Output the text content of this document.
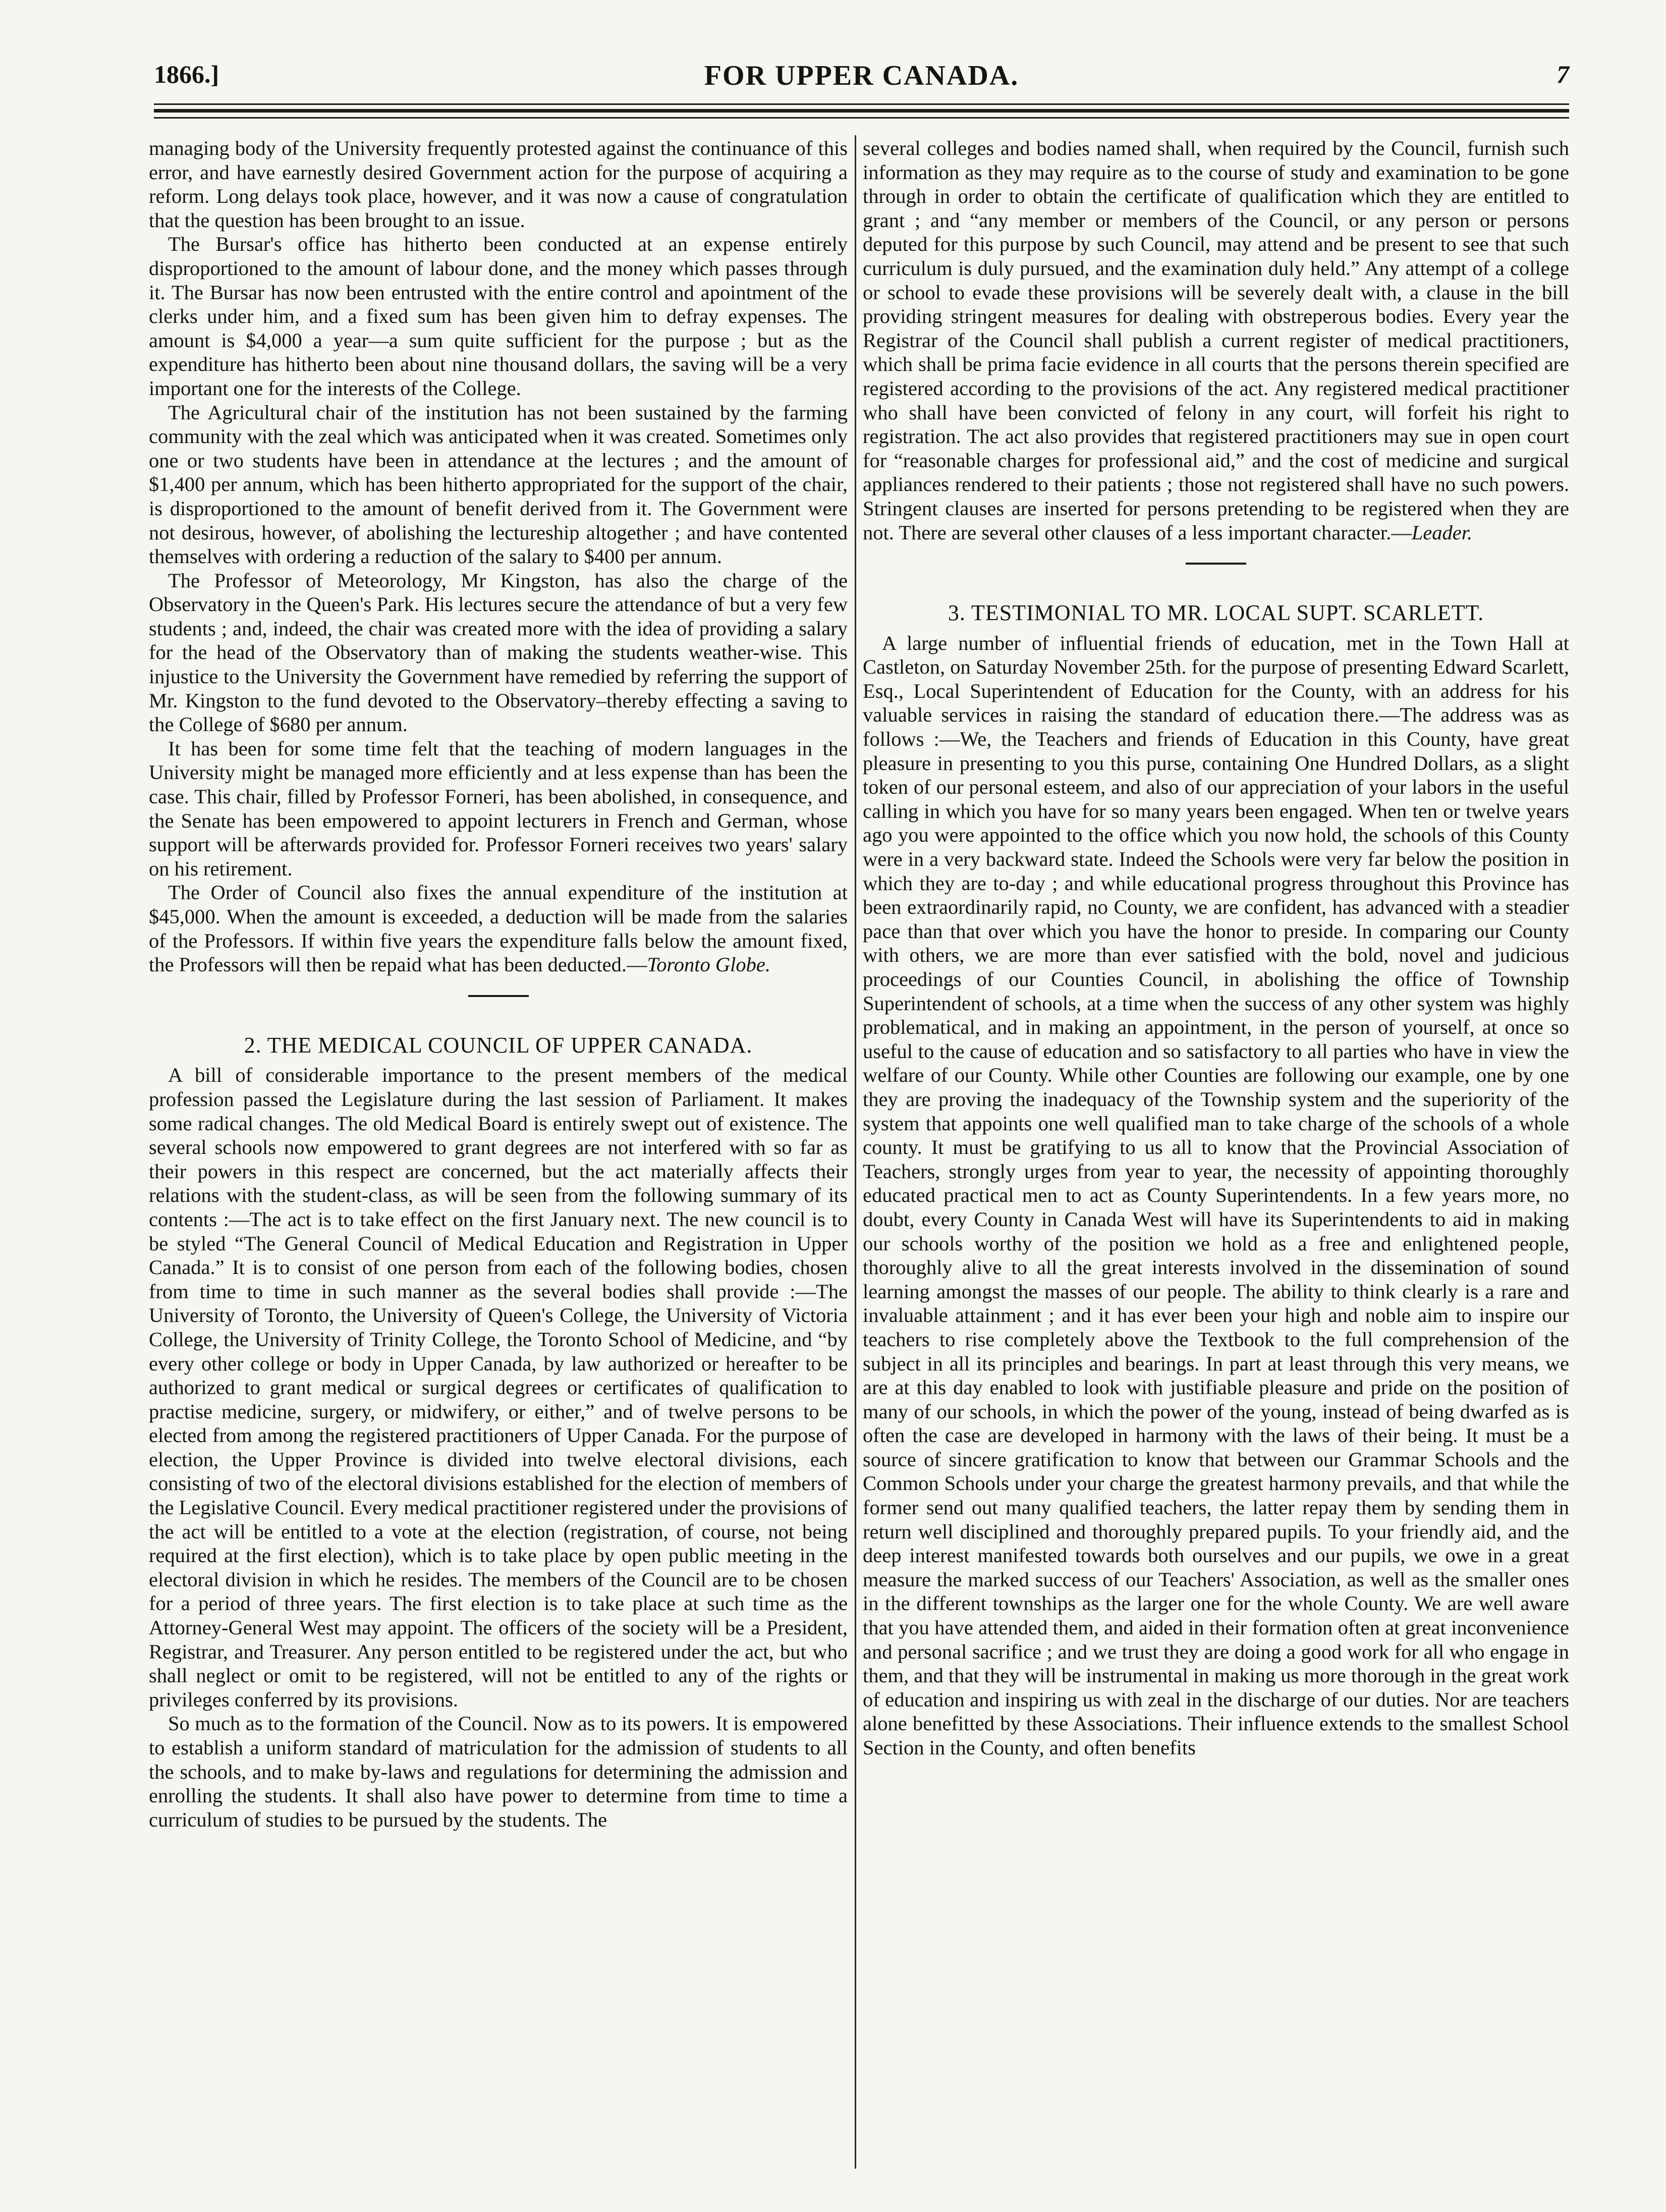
1866.]	FOR UPPER CANADA.	7

managing body of the University frequently protested against the continuance of this error, and have earnestly desired Government action for the purpose of acquiring a reform. Long delays took place, however, and it was now a cause of congratulation that the question has been brought to an issue.

The Bursar's office has hitherto been conducted at an expense entirely disproportioned to the amount of labour done, and the money which passes through it. The Bursar has now been entrusted with the entire control and apointment of the clerks under him, and a fixed sum has been given him to defray expenses. The amount is $4,000 a year—a sum quite sufficient for the purpose ; but as the expenditure has hitherto been about nine thousand dollars, the saving will be a very important one for the interests of the College.

The Agricultural chair of the institution has not been sustained by the farming community with the zeal which was anticipated when it was created. Sometimes only one or two students have been in attendance at the lectures ; and the amount of $1,400 per annum, which has been hitherto appropriated for the support of the chair, is disproportioned to the amount of benefit derived from it. The Government were not desirous, however, of abolishing the lectureship altogether ; and have contented themselves with ordering a reduction of the salary to $400 per annum.

The Professor of Meteorology, Mr Kingston, has also the charge of the Observatory in the Queen's Park. His lectures secure the attendance of but a very few students ; and, indeed, the chair was created more with the idea of providing a salary for the head of the Observatory than of making the students weather-wise. This injustice to the University the Government have remedied by referring the support of Mr. Kingston to the fund devoted to the Observatory–thereby effecting a saving to the College of $680 per annum.

It has been for some time felt that the teaching of modern languages in the University might be managed more efficiently and at less expense than has been the case. This chair, filled by Professor Forneri, has been abolished, in consequence, and the Senate has been empowered to appoint lecturers in French and German, whose support will be afterwards provided for. Professor Forneri receives two years' salary on his retirement.

The Order of Council also fixes the annual expenditure of the institution at $45,000. When the amount is exceeded, a deduction will be made from the salaries of the Professors. If within five years the expenditure falls below the amount fixed, the Professors will then be repaid what has been deducted.—Toronto Globe.

2. THE MEDICAL COUNCIL OF UPPER CANADA.

A bill of considerable importance to the present members of the medical profession passed the Legislature during the last session of Parliament. It makes some radical changes. The old Medical Board is entirely swept out of existence. The several schools now empowered to grant degrees are not interfered with so far as their powers in this respect are concerned, but the act materially affects their relations with the student-class, as will be seen from the following summary of its contents :—The act is to take effect on the first January next. The new council is to be styled “The General Council of Medical Education and Registration in Upper Canada.” It is to consist of one person from each of the following bodies, chosen from time to time in such manner as the several bodies shall provide :—The University of Toronto, the University of Queen's College, the University of Victoria College, the University of Trinity College, the Toronto School of Medicine, and “by every other college or body in Upper Canada, by law authorized or hereafter to be authorized to grant medical or surgical degrees or certificates of qualification to practise medicine, surgery, or midwifery, or either,” and of twelve persons to be elected from among the registered practitioners of Upper Canada. For the purpose of election, the Upper Province is divided into twelve electoral divisions, each consisting of two of the electoral divisions established for the election of members of the Legislative Council. Every medical practitioner registered under the provisions of the act will be entitled to a vote at the election (registration, of course, not being required at the first election), which is to take place by open public meeting in the electoral division in which he resides. The members of the Council are to be chosen for a period of three years. The first election is to take place at such time as the Attorney-General West may appoint. The officers of the society will be a President, Registrar, and Treasurer. Any person entitled to be registered under the act, but who shall neglect or omit to be registered, will not be entitled to any of the rights or privileges conferred by its provisions.

So much as to the formation of the Council. Now as to its powers. It is empowered to establish a uniform standard of matriculation for the admission of students to all the schools, and to make by-laws and regulations for determining the admission and enrolling the students. It shall also have power to determine from time to time a curriculum of studies to be pursued by the students. The

several colleges and bodies named shall, when required by the Council, furnish such information as they may require as to the course of study and examination to be gone through in order to obtain the certificate of qualification which they are entitled to grant ; and “any member or members of the Council, or any person or persons deputed for this purpose by such Council, may attend and be present to see that such curriculum is duly pursued, and the examination duly held.” Any attempt of a college or school to evade these provisions will be severely dealt with, a clause in the bill providing stringent measures for dealing with obstreperous bodies. Every year the Registrar of the Council shall publish a current register of medical practitioners, which shall be prima facie evidence in all courts that the persons therein specified are registered according to the provisions of the act. Any registered medical practitioner who shall have been convicted of felony in any court, will forfeit his right to registration. The act also provides that registered practitioners may sue in open court for “reasonable charges for professional aid,” and the cost of medicine and surgical appliances rendered to their patients ; those not registered shall have no such powers. Stringent clauses are inserted for persons pretending to be registered when they are not. There are several other clauses of a less important character.—Leader.

3. TESTIMONIAL TO MR. LOCAL SUPT. SCARLETT.

A large number of influential friends of education, met in the Town Hall at Castleton, on Saturday November 25th. for the purpose of presenting Edward Scarlett, Esq., Local Superintendent of Education for the County, with an address for his valuable services in raising the standard of education there.—The address was as follows :—We, the Teachers and friends of Education in this County, have great pleasure in presenting to you this purse, containing One Hundred Dollars, as a slight token of our personal esteem, and also of our appreciation of your labors in the useful calling in which you have for so many years been engaged. When ten or twelve years ago you were appointed to the office which you now hold, the schools of this County were in a very backward state. Indeed the Schools were very far below the position in which they are to-day ; and while educational progress throughout this Province has been extraordinarily rapid, no County, we are confident, has advanced with a steadier pace than that over which you have the honor to preside. In comparing our County with others, we are more than ever satisfied with the bold, novel and judicious proceedings of our Counties Council, in abolishing the office of Township Superintendent of schools, at a time when the success of any other system was highly problematical, and in making an appointment, in the person of yourself, at once so useful to the cause of education and so satisfactory to all parties who have in view the welfare of our County. While other Counties are following our example, one by one they are proving the inadequacy of the Township system and the superiority of the system that appoints one well qualified man to take charge of the schools of a whole county. It must be gratifying to us all to know that the Provincial Association of Teachers, strongly urges from year to year, the necessity of appointing thoroughly educated practical men to act as County Superintendents. In a few years more, no doubt, every County in Canada West will have its Superintendents to aid in making our schools worthy of the position we hold as a free and enlightened people, thoroughly alive to all the great interests involved in the dissemination of sound learning amongst the masses of our people. The ability to think clearly is a rare and invaluable attainment ; and it has ever been your high and noble aim to inspire our teachers to rise completely above the Textbook to the full comprehension of the subject in all its principles and bearings. In part at least through this very means, we are at this day enabled to look with justifiable pleasure and pride on the position of many of our schools, in which the power of the young, instead of being dwarfed as is often the case are developed in harmony with the laws of their being. It must be a source of sincere gratification to know that between our Grammar Schools and the Common Schools under your charge the greatest harmony prevails, and that while the former send out many qualified teachers, the latter repay them by sending them in return well disciplined and thoroughly prepared pupils. To your friendly aid, and the deep interest manifested towards both ourselves and our pupils, we owe in a great measure the marked success of our Teachers' Association, as well as the smaller ones in the different townships as the larger one for the whole County. We are well aware that you have attended them, and aided in their formation often at great inconvenience and personal sacrifice ; and we trust they are doing a good work for all who engage in them, and that they will be instrumental in making us more thorough in the great work of education and inspiring us with zeal in the discharge of our duties. Nor are teachers alone benefitted by these Associations. Their influence extends to the smallest School Section in the County, and often benefits
